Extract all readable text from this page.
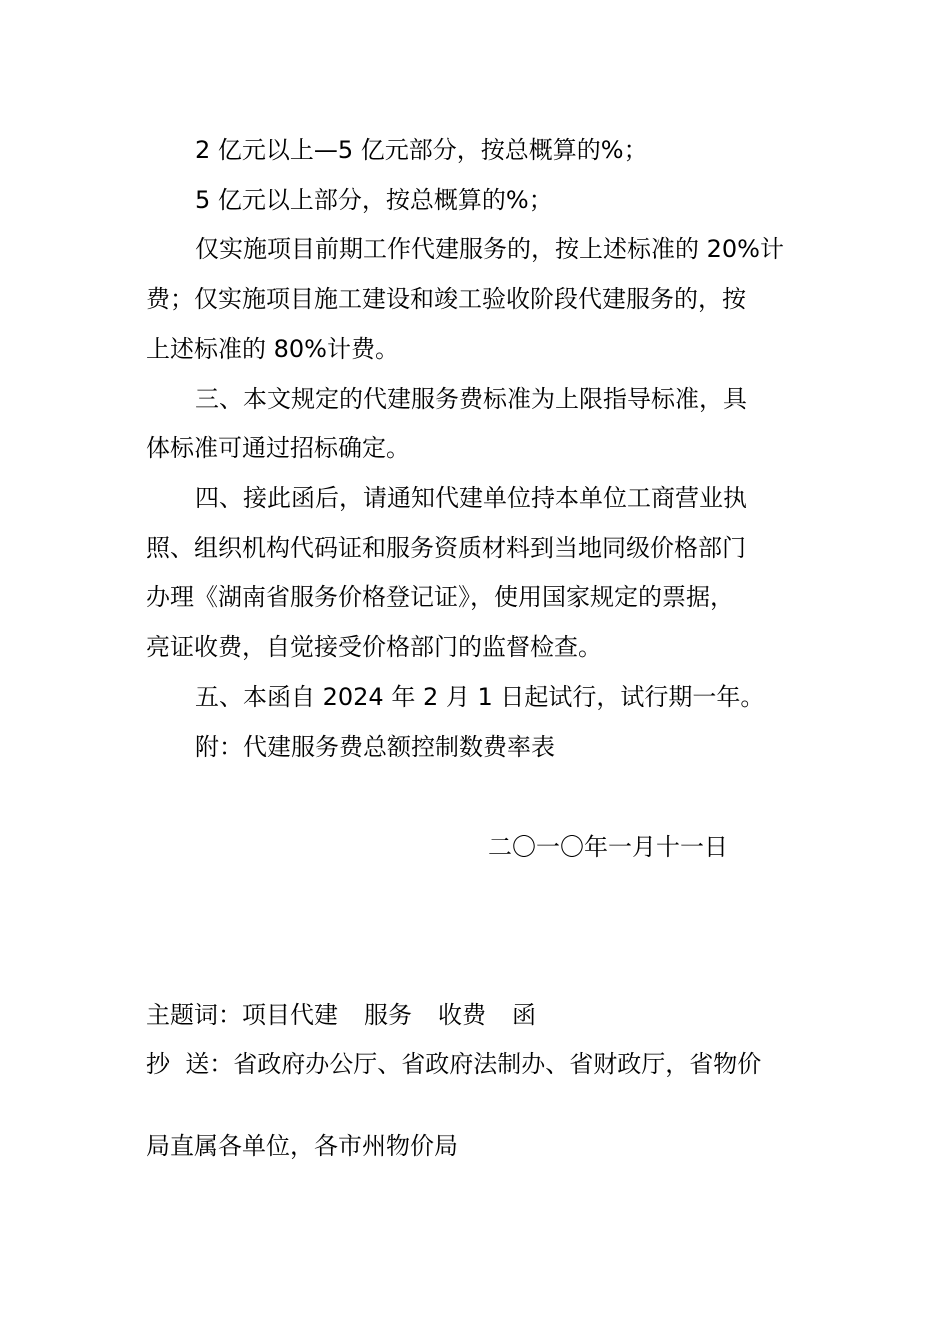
2 亿元以上—5 亿元部分，按总概算的%；
5 亿元以上部分，按总概算的%；
仅实施项目前期工作代建服务的，按上述标准的 20%计
费；仅实施项目施工建设和竣工验收阶段代建服务的，按
上述标准的 80%计费。
三、本文规定的代建服务费标准为上限指导标准，具
体标准可通过招标确定。
四、接此函后，请通知代建单位持本单位工商营业执
照、组织机构代码证和服务资质材料到当地同级价格部门
办理《湖南省服务价格登记证》，使用国家规定的票据，
亮证收费，自觉接受价格部门的监督检查。
五、本函自 2024 年 2 月 1 日起试行，试行期一年。
附：代建服务费总额控制数费率表
二〇一〇年一月十一日
主题词：项目代建 服务 收费 函
抄  送：省政府办公厅、省政府法制办、省财政厅，省物价
局直属各单位，各市州物价局
